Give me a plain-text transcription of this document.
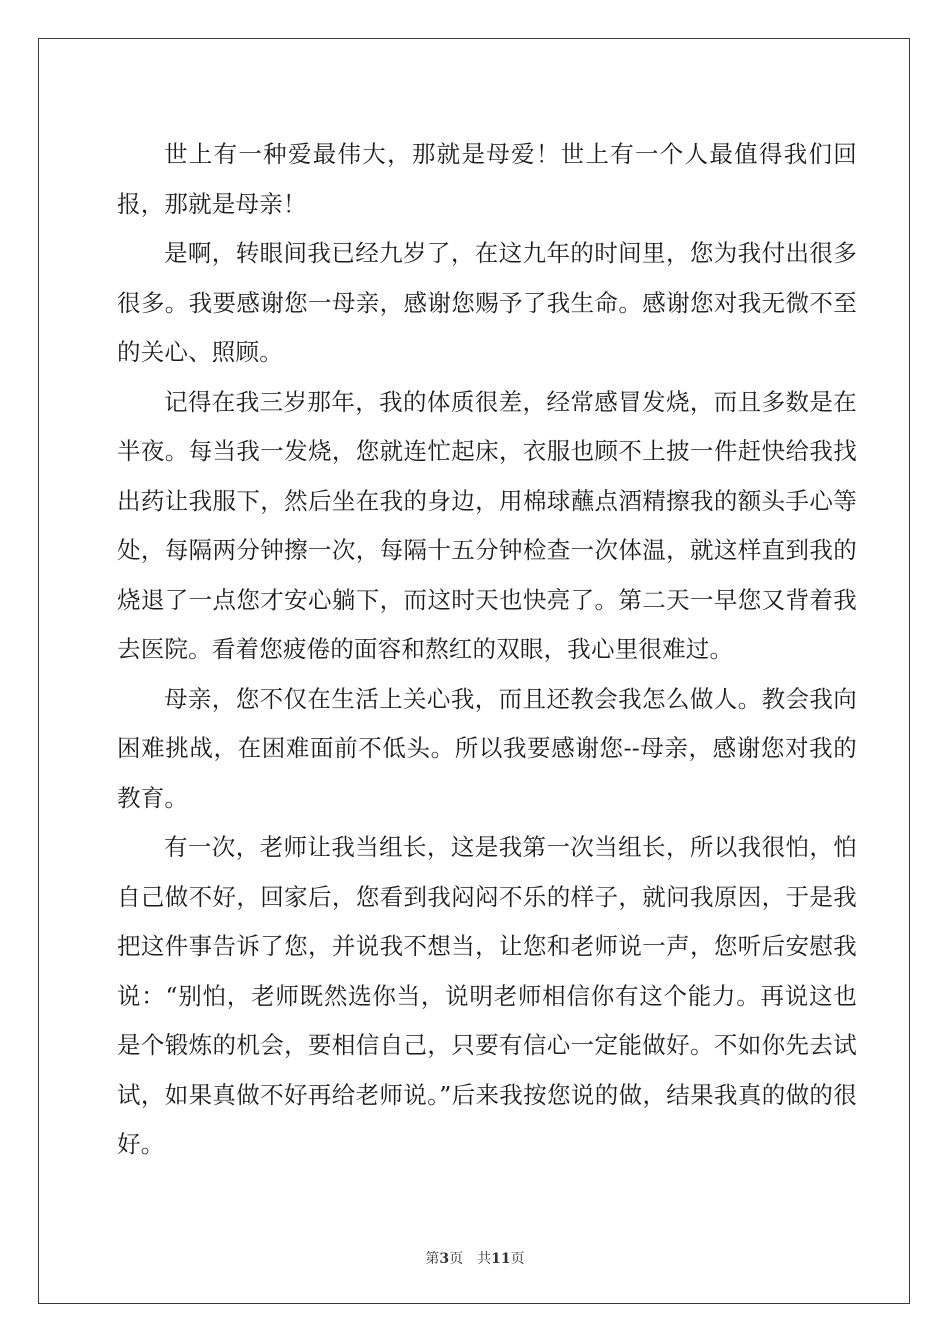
世上有一种爱最伟大，那就是母爱！世上有一个人最值得我们回报，那就是母亲！

是啊，转眼间我已经九岁了，在这九年的时间里，您为我付出很多很多。我要感谢您一母亲，感谢您赐予了我生命。感谢您对我无微不至的关心、照顾。

记得在我三岁那年，我的体质很差，经常感冒发烧，而且多数是在半夜。每当我一发烧，您就连忙起床，衣服也顾不上披一件赶快给我找出药让我服下，然后坐在我的身边，用棉球蘸点酒精擦我的额头手心等处，每隔两分钟擦一次，每隔十五分钟检查一次体温，就这样直到我的烧退了一点您才安心躺下，而这时天也快亮了。第二天一早您又背着我去医院。看着您疲倦的面容和熬红的双眼，我心里很难过。

母亲，您不仅在生活上关心我，而且还教会我怎么做人。教会我向困难挑战，在困难面前不低头。所以我要感谢您--母亲，感谢您对我的教育。

有一次，老师让我当组长，这是我第一次当组长，所以我很怕，怕自己做不好，回家后，您看到我闷闷不乐的样子，就问我原因，于是我把这件事告诉了您，并说我不想当，让您和老师说一声，您听后安慰我说：“别怕，老师既然选你当，说明老师相信你有这个能力。再说这也是个锻炼的机会，要相信自己，只要有信心一定能做好。不如你先去试试，如果真做不好再给老师说。”后来我按您说的做，结果我真的做的很好。

第3页 共11页
